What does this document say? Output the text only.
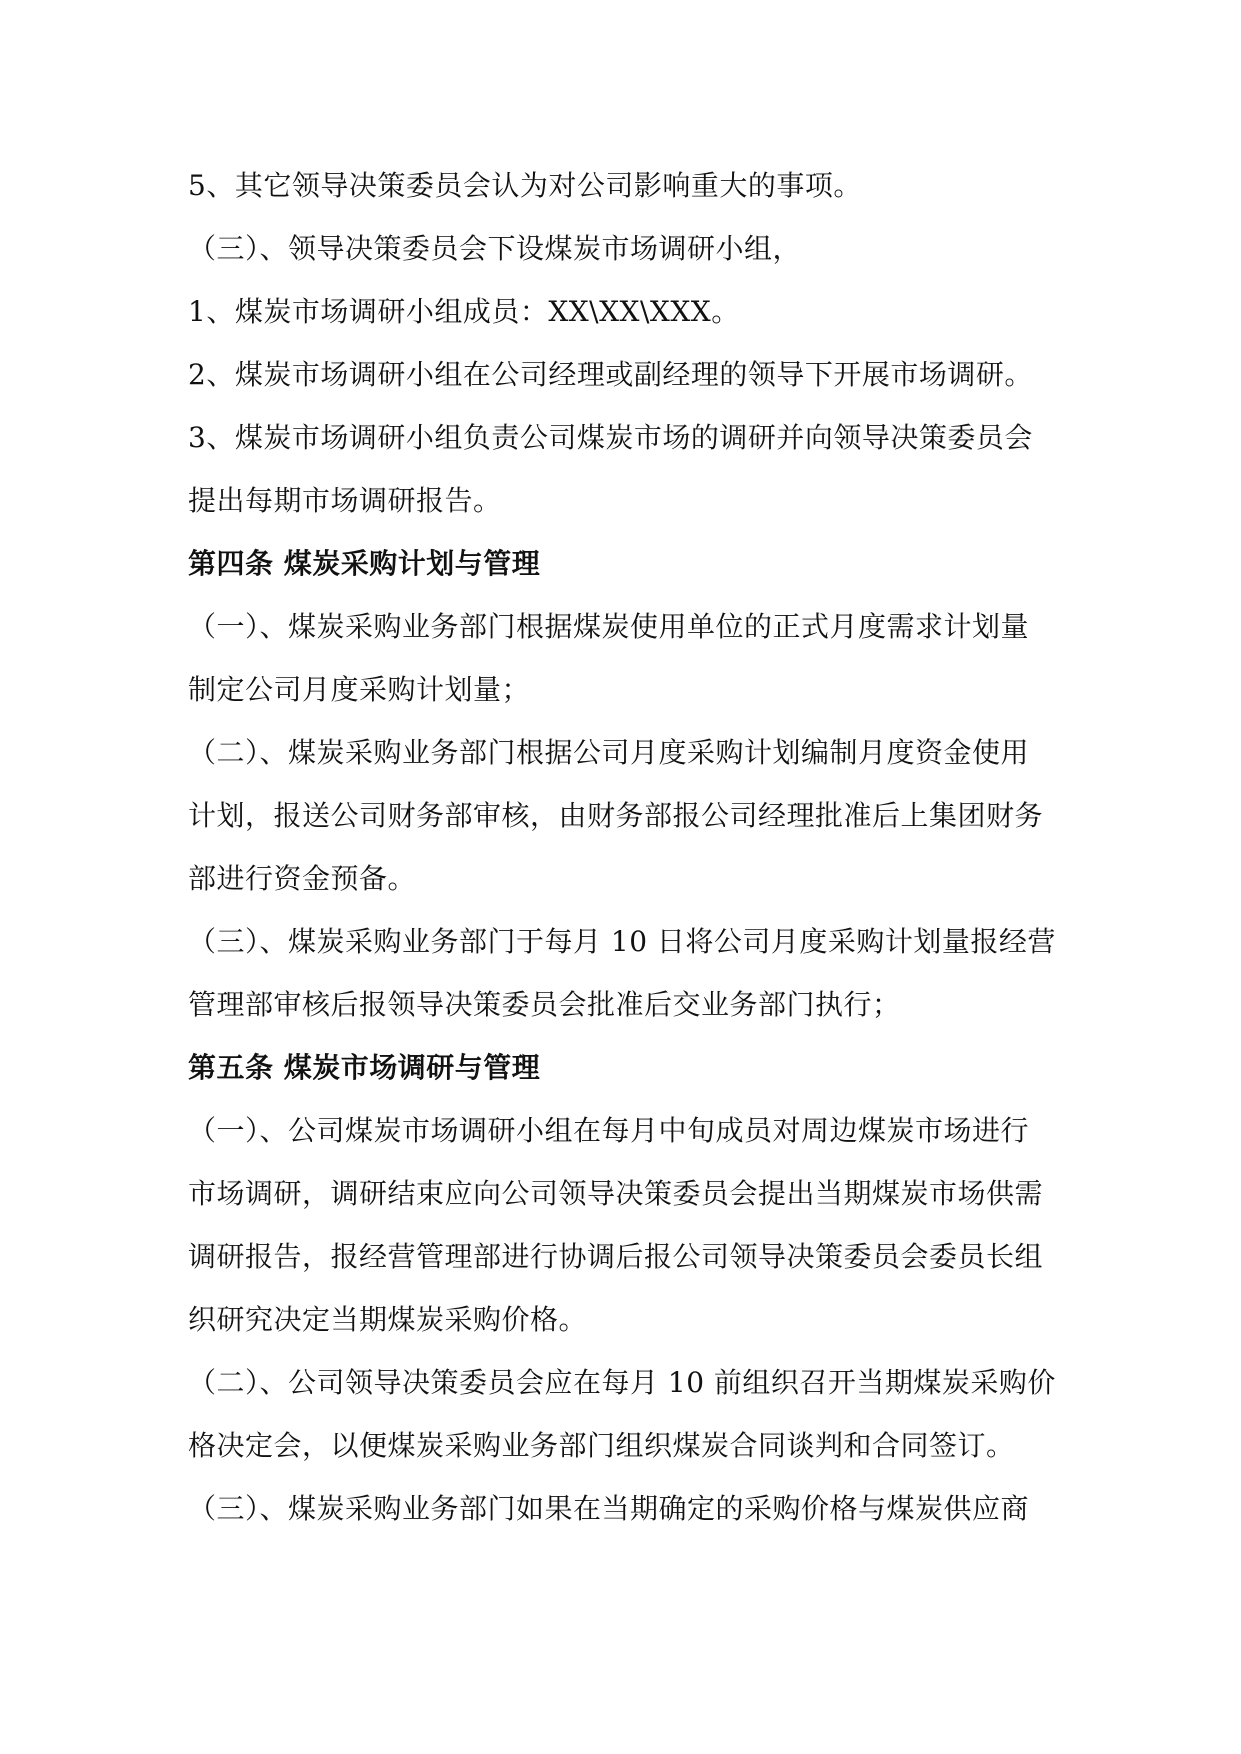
5、其它领导决策委员会认为对公司影响重大的事项。
（三）、领导决策委员会下设煤炭市场调研小组，
1、煤炭市场调研小组成员：XX\XX\XXX。
2、煤炭市场调研小组在公司经理或副经理的领导下开展市场调研。
3、煤炭市场调研小组负责公司煤炭市场的调研并向领导决策委员会
提出每期市场调研报告。
第四条 煤炭采购计划与管理
（一）、煤炭采购业务部门根据煤炭使用单位的正式月度需求计划量
制定公司月度采购计划量；
（二）、煤炭采购业务部门根据公司月度采购计划编制月度资金使用
计划，报送公司财务部审核，由财务部报公司经理批准后上集团财务
部进行资金预备。
（三）、煤炭采购业务部门于每月 10 日将公司月度采购计划量报经营
管理部审核后报领导决策委员会批准后交业务部门执行；
第五条 煤炭市场调研与管理
（一）、公司煤炭市场调研小组在每月中旬成员对周边煤炭市场进行
市场调研，调研结束应向公司领导决策委员会提出当期煤炭市场供需
调研报告，报经营管理部进行协调后报公司领导决策委员会委员长组
织研究决定当期煤炭采购价格。
（二）、公司领导决策委员会应在每月 10 前组织召开当期煤炭采购价
格决定会，以便煤炭采购业务部门组织煤炭合同谈判和合同签订。
（三）、煤炭采购业务部门如果在当期确定的采购价格与煤炭供应商
